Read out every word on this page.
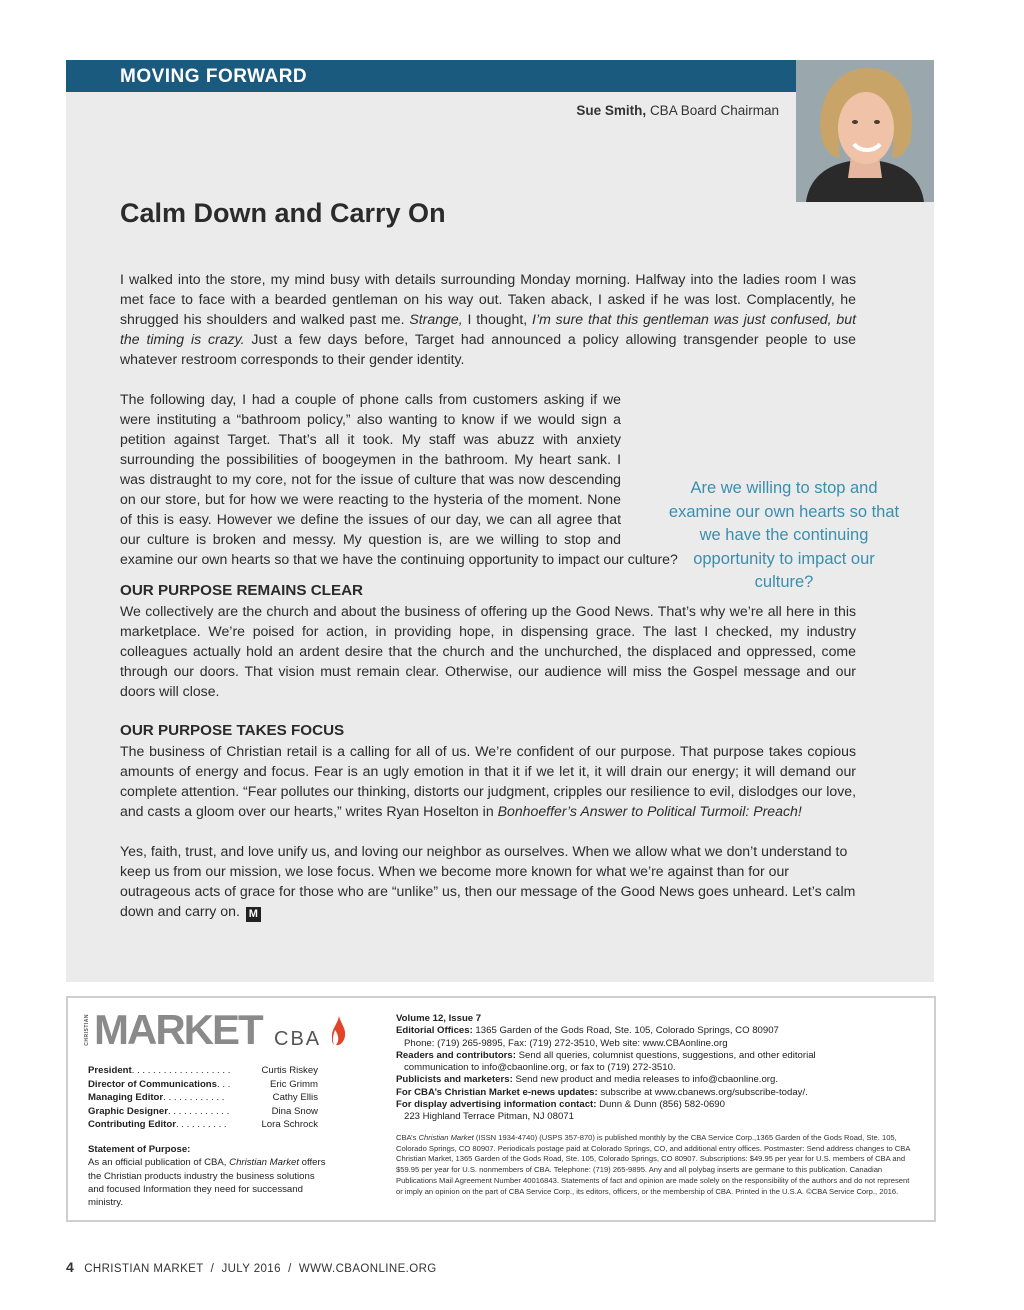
MOVING FORWARD
Sue Smith, CBA Board Chairman
Calm Down and Carry On

I walked into the store, my mind busy with details surrounding Monday morning. Halfway into the ladies room I was met face to face with a bearded gentleman on his way out. Taken aback, I asked if he was lost. Complacently, he shrugged his shoulders and walked past me. Strange, I thought, I’m sure that this gentleman was just confused, but the timing is crazy. Just a few days before, Target had announced a policy allowing transgender people to use whatever restroom corresponds to their gender identity.

The following day, I had a couple of phone calls from customers asking if we were instituting a “bathroom policy,” also wanting to know if we would sign a petition against Target. That’s all it took. My staff was abuzz with anxiety surrounding the possibilities of boogeymen in the bathroom. My heart sank. I was distraught to my core, not for the issue of culture that was now descending on our store, but for how we were reacting to the hysteria of the moment. None of this is easy. However we define the issues of our day, we can all agree that our culture is broken and messy. My question is, are we willing to stop and examine our own hearts so that we have the continuing opportunity to impact our culture?

OUR PURPOSE REMAINS CLEAR

We collectively are the church and about the business of offering up the Good News. That’s why we’re all here in this marketplace. We’re poised for action, in providing hope, in dispensing grace. The last I checked, my industry colleagues actually hold an ardent desire that the church and the unchurched, the displaced and oppressed, come through our doors. That vision must remain clear. Otherwise, our audience will miss the Gospel message and our doors will close.

OUR PURPOSE TAKES FOCUS

The business of Christian retail is a calling for all of us. We’re confident of our purpose. That purpose takes copious amounts of energy and focus. Fear is an ugly emotion in that it if we let it, it will drain our energy; it will demand our complete attention. “Fear pollutes our thinking, distorts our judgment, cripples our resilience to evil, dislodges our love, and casts a gloom over our hearts,” writes Ryan Hoselton in Bonhoeffer’s Answer to Political Turmoil: Preach!

Yes, faith, trust, and love unify us, and loving our neighbor as ourselves. When we allow what we don’t understand to keep us from our mission, we lose focus. When we become more known for what we’re against than for our outrageous acts of grace for those who are “unlike” us, then our message of the Good News goes unheard. Let’s calm down and carry on. M

Are we willing to stop and examine our own hearts so that we have the continuing opportunity to impact our culture?
CHRISTIAN MARKET CBA
President . . . . . . . . . . . . . . . . . . .	Curtis Riskey
Director of Communications . . .	Eric Grimm
Managing Editor . . . . . . . . . . . .	Cathy Ellis
Graphic Designer . . . . . . . . . . . .	Dina Snow
Contributing Editor . . . . . . . . . .	Lora Schrock
Statement of Purpose:
As an official publication of CBA, Christian Market offers the Christian products industry the business solutions and focused Information they need for successand ministry.
Volume 12, Issue 7
Editorial Offices: 1365 Garden of the Gods Road, Ste. 105, Colorado Springs, CO 80907
Phone: (719) 265-9895, Fax: (719) 272-3510, Web site: www.CBAonline.org
Readers and contributors: Send all queries, columnist questions, suggestions, and other editorial
communication to info@cbaonline.org, or fax to (719) 272-3510.
Publicists and marketers: Send new product and media releases to info@cbaonline.org.
For CBA’s Christian Market e-news updates: subscribe at www.cbanews.org/subscribe-today/.
For display advertising information contact: Dunn & Dunn (856) 582-0690
223 Highland Terrace Pitman, NJ 08071
CBA’s Christian Market (ISSN 1934-4740) (USPS 357-870) is published monthly by the CBA Service Corp.,1365 Garden of the Gods Road, Ste. 105, Colorado Springs, CO 80907. Periodicals postage paid at Colorado Springs, CO, and additional entry offices. Postmaster: Send address changes to CBA Christian Market, 1365 Garden of the Gods Road, Ste. 105, Colorado Springs, CO 80907. Subscriptions: $49.95 per year for U.S. members of CBA and $59.95 per year for U.S. nonmembers of CBA. Telephone: (719) 265-9895. Any and all polybag inserts are germane to this publication. Canadian Publications Mail Agreement Number 40016843. Statements of fact and opinion are made solely on the responsibility of the authors and do not represent or imply an opinion on the part of CBA Service Corp., its editors, officers, or the membership of CBA. Printed in the U.S.A. ©CBA Service Corp., 2016.
4 CHRISTIAN MARKET  /  JULY 2016  /  WWW.CBAONLINE.ORG
